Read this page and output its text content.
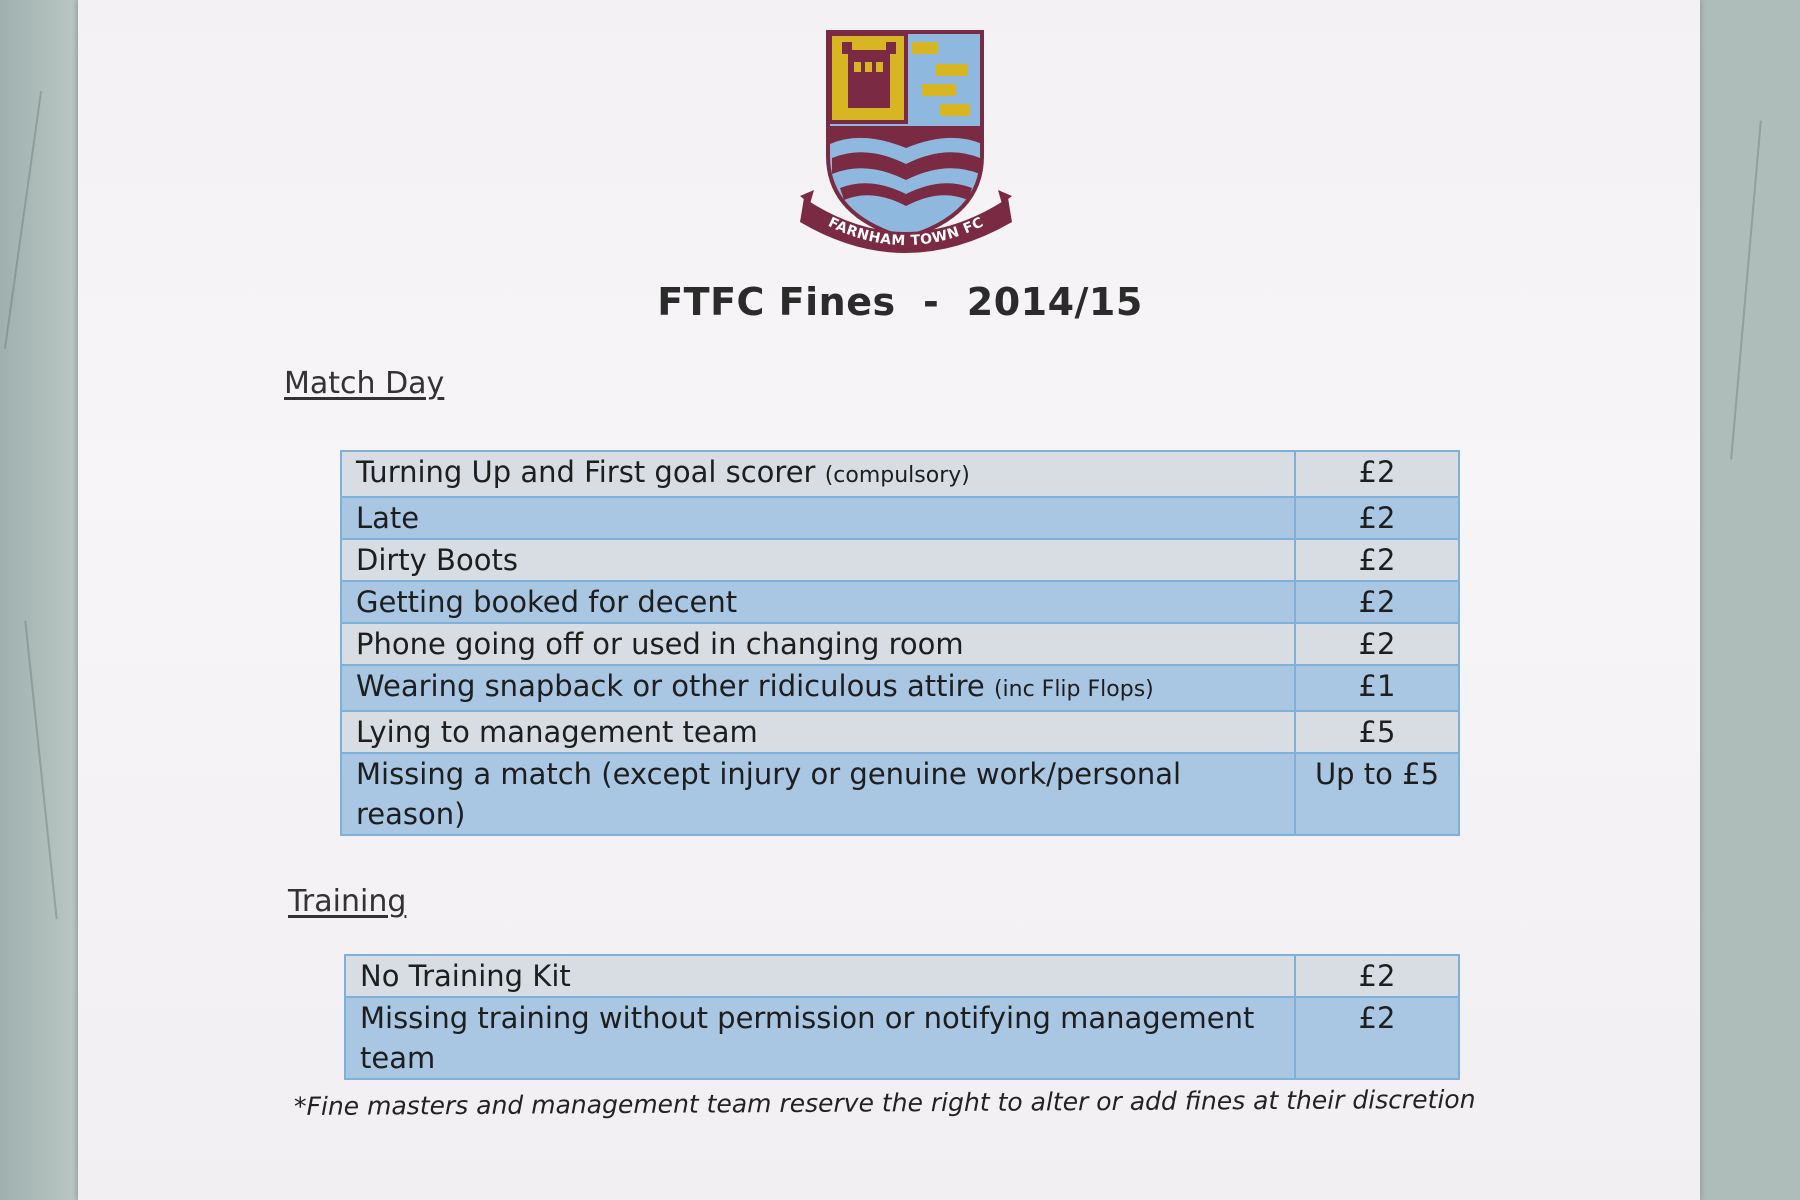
FARNHAM TOWN FC
FTFC Fines  -  2014/15
Match Day
Turning Up and First goal scorer (compulsory)	£2
Late	£2
Dirty Boots	£2
Getting booked for decent	£2
Phone going off or used in changing room	£2
Wearing snapback or other ridiculous attire (inc Flip Flops)	£1
Lying to management team	£5
Missing a match (except injury or genuine work/personal reason)	Up to £5
Training
No Training Kit	£2
Missing training without permission or notifying management team	£2
*Fine masters and management team reserve the right to alter or add fines at their discretion
